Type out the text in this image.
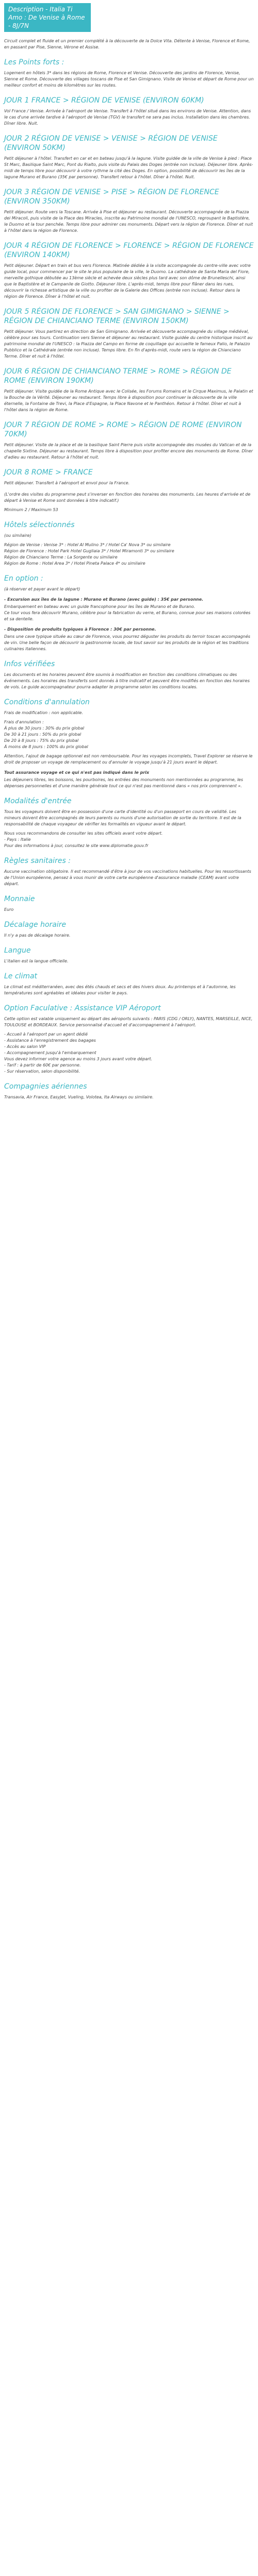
Description - Italia Ti Amo : De Venise à Rome - 8J/7N

Circuit complet et fluide et un premier complété à la découverte de la Dolce Vita. Détente à Venise, Florence et Rome, en passant par Pise, Sienne, Vérone et Assise.

Les Points forts :

Logement en hôtels 3* dans les régions de Rome, Florence et Venise. Découverte des jardins de Florence, Venise, Sienne et Rome. Découverte des villages toscans de Pise et San Gimignano. Visite de Venise et départ de Rome pour un meilleur confort et moins de kilomètres sur les routes.

JOUR 1 FRANCE > RÉGION DE VENISE (ENVIRON 60KM)

Vol France / Venise. Arrivée à l'aéroport de Venise. Transfert à l'hôtel situé dans les environs de Venise. Attention, dans le cas d'une arrivée tardive à l'aéroport de Venise (TGV) le transfert ne sera pas inclus. Installation dans les chambres. Dîner libre. Nuit.

JOUR 2 RÉGION DE VENISE > VENISE > RÉGION DE VENISE (ENVIRON 50KM)

Petit déjeuner à l'hôtel. Transfert en car et en bateau jusqu'à la lagune. Visite guidée de la ville de Venise à pied : Place St Marc, Basilique Saint Marc, Pont du Rialto, puis visite du Palais des Doges (entrée non incluse). Déjeuner libre. Après-midi de temps libre pour découvrir à votre rythme la cité des Doges. En option, possibilité de découvrir les îles de la lagune Murano et Burano (35€ par personne). Transfert retour à l'hôtel. Dîner à l'hôtel. Nuit.

JOUR 3 RÉGION DE VENISE > PISE > RÉGION DE FLORENCE (ENVIRON 350KM)

Petit déjeuner. Route vers la Toscane. Arrivée à Pise et déjeuner au restaurant. Découverte accompagnée de la Piazza dei Miracoli, puis visite de la Place des Miracles, inscrite au Patrimoine mondial de l'UNESCO, regroupant le Baptistère, le Duomo et la tour penchée. Temps libre pour admirer ces monuments. Départ vers la région de Florence. Dîner et nuit à l'hôtel dans la région de Florence.

JOUR 4 RÉGION DE FLORENCE > FLORENCE > RÉGION DE FLORENCE (ENVIRON 140KM)

Petit déjeuner. Départ en train et bus vers Florence. Matinée dédiée à la visite accompagnée du centre-ville avec votre guide local, pour commencer par le site le plus populaire de la ville, le Duomo. La cathédrale de Santa Maria del Fiore, merveille gothique débutée au 13ème siècle et achevée deux siècles plus tard avec son dôme de Brunelleschi, ainsi que le Baptistère et le Campanile de Giotto. Déjeuner libre. L'après-midi, temps libre pour flâner dans les rues, découvrir la richesse artistique de la ville ou profiter de la Galerie des Offices (entrée non incluse). Retour dans la région de Florence. Dîner à l'hôtel et nuit.

JOUR 5 RÉGION DE FLORENCE > SAN GIMIGNANO > SIENNE > RÉGION DE CHIANCIANO TERME (ENVIRON 150KM)

Petit déjeuner. Vous partirez en direction de San Gimignano. Arrivée et découverte accompagnée du village médiéval, célèbre pour ses tours. Continuation vers Sienne et déjeuner au restaurant. Visite guidée du centre historique inscrit au patrimoine mondial de l'UNESCO : la Piazza del Campo en forme de coquillage qui accueille le fameux Palio, le Palazzo Pubblico et la Cathédrale (entrée non incluse). Temps libre. En fin d'après-midi, route vers la région de Chianciano Terme. Dîner et nuit à l'hôtel.

JOUR 6 RÉGION DE CHIANCIANO TERME > ROME > RÉGION DE ROME (ENVIRON 190KM)

Petit déjeuner. Visite guidée de la Rome Antique avec le Colisée, les Forums Romains et le Cirque Maximus, le Palatin et la Bouche de la Vérité. Déjeuner au restaurant. Temps libre à disposition pour continuer la découverte de la ville éternelle, la Fontaine de Trevi, la Place d'Espagne, la Place Navone et le Panthéon. Retour à l'hôtel. Dîner et nuit à l'hôtel dans la région de Rome.

JOUR 7 RÉGION DE ROME > ROME > RÉGION DE ROME (ENVIRON 70KM)

Petit déjeuner. Visite de la place et de la basilique Saint Pierre puis visite accompagnée des musées du Vatican et de la chapelle Sixtine. Déjeuner au restaurant. Temps libre à disposition pour profiter encore des monuments de Rome. Dîner d'adieu au restaurant. Retour à l'hôtel et nuit.

JOUR 8 ROME > FRANCE

Petit déjeuner. Transfert à l'aéroport et envol pour la France.

(L'ordre des visites du programme peut s'inverser en fonction des horaires des monuments. Les heures d'arrivée et de départ à Venise et Rome sont données à titre indicatif.)

Minimum 2 / Maximum 53

Hôtels sélectionnés

(ou similaire)

Région de Venise : Venise 3* : Hotel Al Mulino 3* / Hotel Ca' Nova 3* ou similaire
Région de Florence : Hotel Park Hotel Gugliaia 3* / Hotel Miramonti 3* ou similaire
Région de Chianciano Terme : La Sorgente ou similaire
Région de Rome : Hotel Area 3* / Hotel Pineta Palace 4* ou similaire
En option :

(à réserver et payer avant le départ)

- Excursion aux îles de la lagune : Murano et Burano (avec guide) : 35€ par personne.
Embarquement en bateau avec un guide francophone pour les îles de Murano et de Burano.
Ce tour vous fera découvrir Murano, célèbre pour la fabrication du verre, et Burano, connue pour ses maisons colorées et sa dentelle.
- Disposition de produits typiques à Florence : 30€ par personne.

Dans une cave typique située au cœur de Florence, vous pourrez déguster les produits du terroir toscan accompagnés de vin. Une belle façon de découvrir la gastronomie locale, de tout savoir sur les produits de la région et les traditions culinaires italiennes.

Infos vérifiées

Les documents et les horaires peuvent être soumis à modification en fonction des conditions climatiques ou des événements. Les horaires des transferts sont donnés à titre indicatif et peuvent être modifiés en fonction des horaires de vols. Le guide accompagnateur pourra adapter le programme selon les conditions locales.

Conditions d'annulation

Frais de modification : non applicable.

Frais d'annulation :
À plus de 30 jours : 30% du prix global
De 30 à 21 jours : 50% du prix global
De 20 à 8 jours : 75% du prix global
À moins de 8 jours : 100% du prix global

Attention, l'ajout de bagage optionnel est non remboursable. Pour les voyages incomplets, Travel Explorer se réserve le droit de proposer un voyage de remplacement ou d'annuler le voyage jusqu'à 21 jours avant le départ.

Tout assurance voyage et ce qui n'est pas indiqué dans le prix

Les déjeuners libres, les boissons, les pourboires, les entrées des monuments non mentionnées au programme, les dépenses personnelles et d'une manière générale tout ce qui n'est pas mentionné dans « nos prix comprennent ».

Modalités d'entrée

Tous les voyageurs doivent être en possession d'une carte d'identité ou d'un passeport en cours de validité. Les mineurs doivent être accompagnés de leurs parents ou munis d'une autorisation de sortie du territoire. Il est de la responsabilité de chaque voyageur de vérifier les formalités en vigueur avant le départ.

Nous vous recommandons de consulter les sites officiels avant votre départ.
- Pays : Italie
Pour des informations à jour, consultez le site www.diplomatie.gouv.fr
Règles sanitaires :

Aucune vaccination obligatoire. Il est recommandé d'être à jour de vos vaccinations habituelles. Pour les ressortissants de l'Union européenne, pensez à vous munir de votre carte européenne d'assurance maladie (CEAM) avant votre départ.

Monnaie

Euro

Décalage horaire

Il n'y a pas de décalage horaire.

Langue

L'italien est la langue officielle.

Le climat

Le climat est méditerranéen, avec des étés chauds et secs et des hivers doux. Au printemps et à l'automne, les températures sont agréables et idéales pour visiter le pays.

Option Faculative : Assistance VIP Aéroport

Cette option est valable uniquement au départ des aéroports suivants : PARIS (CDG / ORLY), NANTES, MARSEILLE, NICE, TOULOUSE et BORDEAUX. Service personnalisé d'accueil et d'accompagnement à l'aéroport.

- Accueil à l'aéroport par un agent dédié
- Assistance à l'enregistrement des bagages
- Accès au salon VIP
- Accompagnement jusqu'à l'embarquement
Vous devez informer votre agence au moins 3 jours avant votre départ.
- Tarif : à partir de 60€ par personne.
- Sur réservation, selon disponibilité.
Compagnies aériennes

Transavia, Air France, EasyJet, Vueling, Volotea, Ita Airways ou similaire.
